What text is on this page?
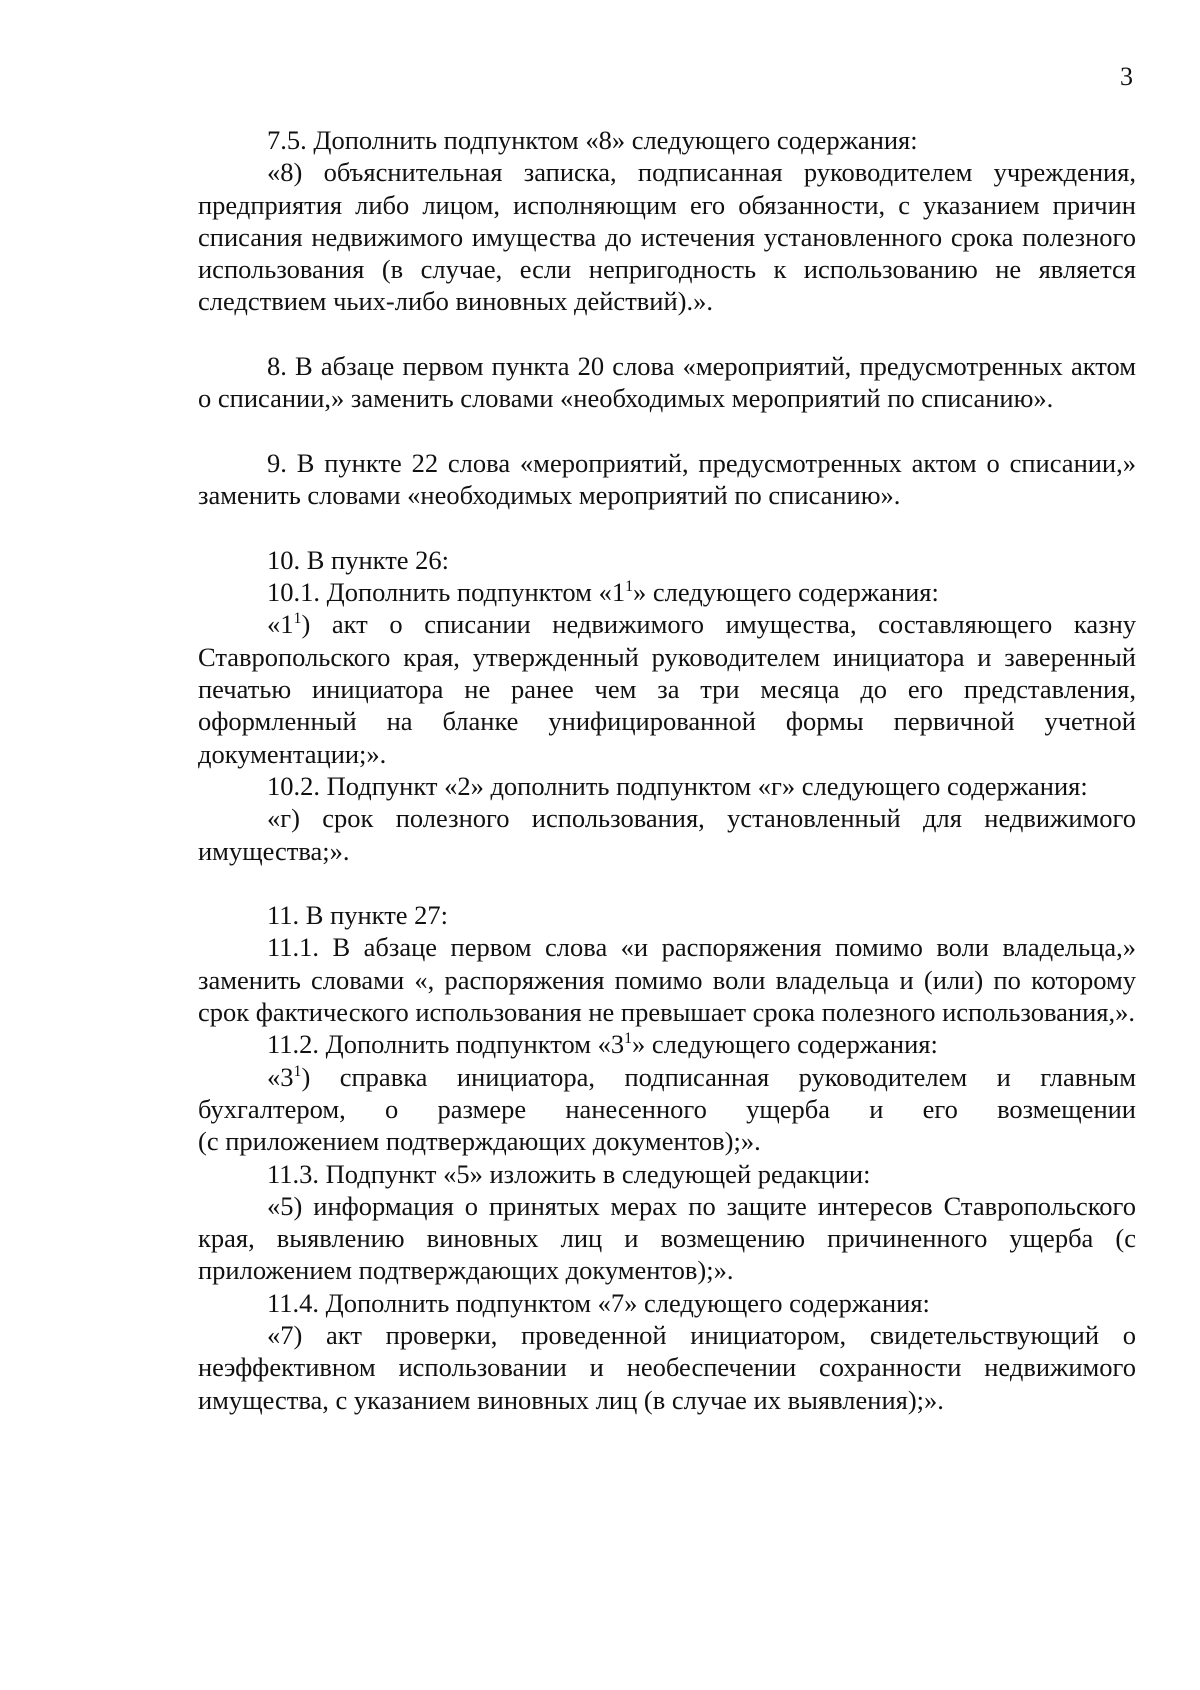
3

7.5. Дополнить подпунктом «8» следующего содержания:

«8) объяснительная записка, подписанная руководителем учреждения, предприятия либо лицом, исполняющим его обязанности, с указанием причин списания недвижимого имущества до истечения установленного срока полезного использования (в случае, если непригодность к использованию не является следствием чьих-либо виновных действий).».

8. В абзаце первом пункта 20 слова «мероприятий, предусмотренных актом о списании,» заменить словами «необходимых мероприятий по списанию».

9. В пункте 22 слова «мероприятий, предусмотренных актом о списании,» заменить словами «необходимых мероприятий по списанию».

10. В пункте 26:

10.1. Дополнить подпунктом «$1^1$» следующего содержания:

«$1^1$) акт о списании недвижимого имущества, составляющего казну Ставропольского края, утвержденный руководителем инициатора и заверенный печатью инициатора не ранее чем за три месяца до его представления, оформленный на бланке унифицированной формы первичной учетной документации;».

10.2. Подпункт «2» дополнить подпунктом «г» следующего содержания:

«г) срок полезного использования, установленный для недвижимого имущества;».

11. В пункте 27:

11.1. В абзаце первом слова «и распоряжения помимо воли владельца,» заменить словами «, распоряжения помимо воли владельца и (или) по которому срок фактического использования не превышает срока полезного использования,».

11.2. Дополнить подпунктом «$3^1$» следующего содержания:

«$3^1$) справка инициатора, подписанная руководителем и главным бухгалтером, о размере нанесенного ущерба и его возмещении

(с приложением подтверждающих документов);».

11.3. Подпункт «5» изложить в следующей редакции:

«5) информация о принятых мерах по защите интересов Ставропольского края, выявлению виновных лиц и возмещению причиненного ущерба (с приложением подтверждающих документов);».

11.4. Дополнить подпунктом «7» следующего содержания:

«7) акт проверки, проведенной инициатором, свидетельствующий о неэффективном использовании и необеспечении сохранности недвижимого имущества, с указанием виновных лиц (в случае их выявления);».
